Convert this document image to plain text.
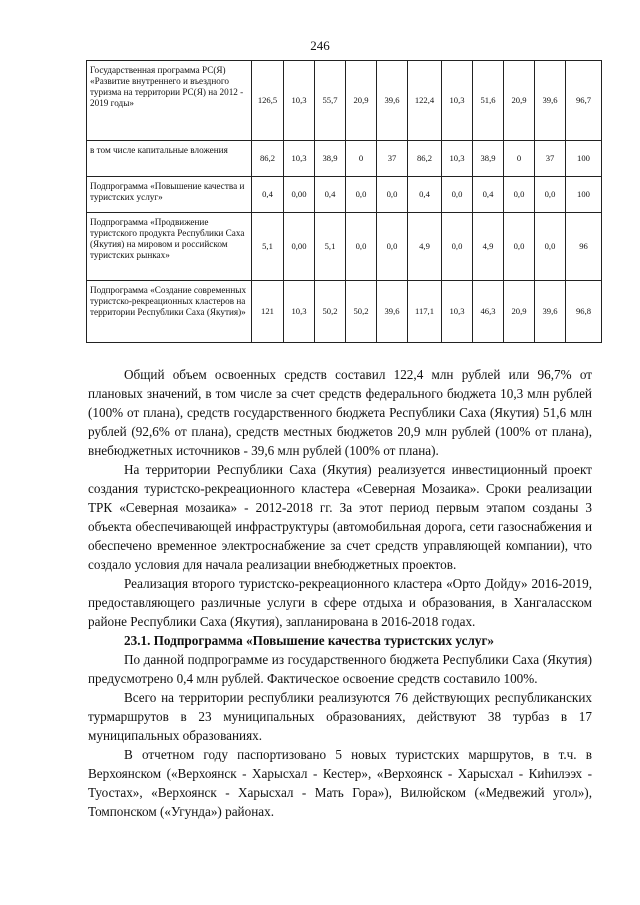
246
Государственная программа РС(Я) «Развитие внутреннего и въездного туризма на территории РС(Я) на 2012 - 2019 годы»	126,5	10,3	55,7	20,9	39,6	122,4	10,3	51,6	20,9	39,6	96,7
в том числе капитальные вложения	86,2	10,3	38,9	0	37	86,2	10,3	38,9	0	37	100
Подпрограмма «Повышение качества и туристских услуг»	0,4	0,00	0,4	0,0	0,0	0,4	0,0	0,4	0,0	0,0	100
Подпрограмма «Продвижение туристского продукта Республики Саха (Якутия) на мировом и российском туристских рынках»	5,1	0,00	5,1	0,0	0,0	4,9	0,0	4,9	0,0	0,0	96
Подпрограмма «Создание современных туристско-рекреационных кластеров на территории Республики Саха (Якутия)»	121	10,3	50,2	50,2	39,6	117,1	10,3	46,3	20,9	39,6	96,8

Общий объем освоенных средств составил 122,4 млн рублей или 96,7% от плановых значений, в том числе за счет средств федерального бюджета 10,3 млн рублей (100% от плана), средств государственного бюджета Республики Саха (Якутия) 51,6 млн рублей (92,6% от плана), средств местных бюджетов 20,9 млн рублей (100% от плана), внебюджетных источников - 39,6 млн рублей (100% от плана).

На территории Республики Саха (Якутия) реализуется инвестиционный проект создания туристско-рекреационного кластера «Северная Мозаика». Сроки реализации ТРК «Северная мозаика» - 2012-2018 гг. За этот период первым этапом созданы 3 объекта обеспечивающей инфраструктуры (автомобильная дорога, сети газоснабжения и обеспечено временное электроснабжение за счет средств управляющей компании), что создало условия для начала реализации внебюджетных проектов.

Реализация второго туристско-рекреационного кластера «Орто Дойду» 2016-2019, предоставляющего различные услуги в сфере отдыха и образования, в Хангаласском районе Республики Саха (Якутия), запланирована в 2016-2018 годах.

23.1. Подпрограмма «Повышение качества туристских услуг»

По данной подпрограмме из государственного бюджета Республики Саха (Якутия) предусмотрено 0,4 млн рублей. Фактическое освоение средств составило 100%.

Всего на территории республики реализуются 76 действующих республиканских турмаршрутов в 23 муниципальных образованиях, действуют 38 турбаз в 17 муниципальных образованиях.

В отчетном году паспортизовано 5 новых туристских маршрутов, в т.ч. в Верхоянском («Верхоянск - Харысхал - Кестер», «Верхоянск - Харысхал - Киһилээх - Туостах», «Верхоянск - Харысхал - Мать Гора»), Вилюйском («Медвежий угол»), Томпонском («Угунда») районах.
